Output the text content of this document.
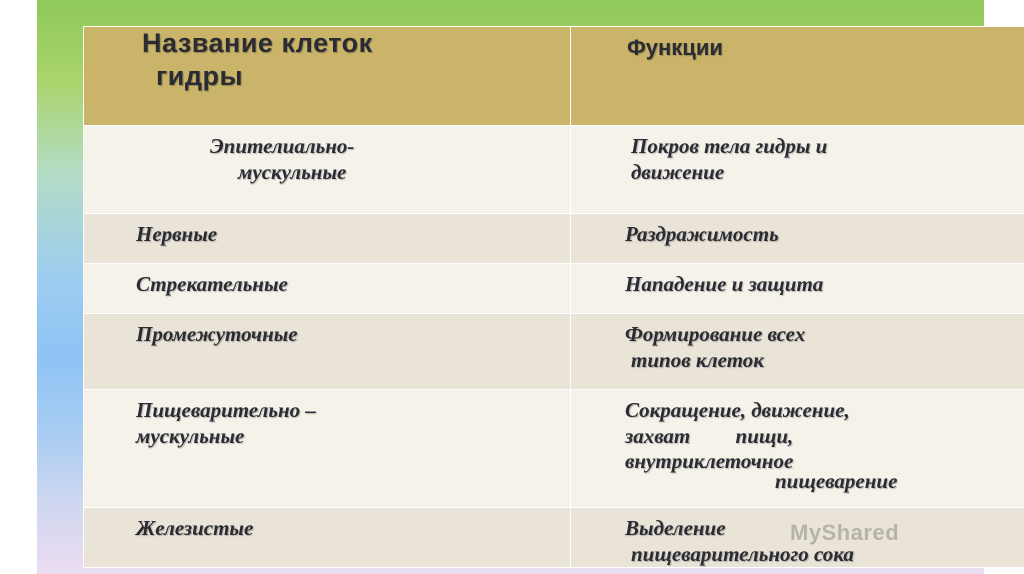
Название клеток
гидры	Функции

Эпителиально-
мускульные	Покров тела гидры и
движение

Нервные	Раздражимость

Стрекательные	Нападение и защита

Промежуточные	Формирование всех
типов клеток

Пищеварительно –
мускульные	Сокращение, движение,
захват пищи,
внутриклеточное
пищеварение

Железистые	Выделение
пищеварительного сока
MyShared
